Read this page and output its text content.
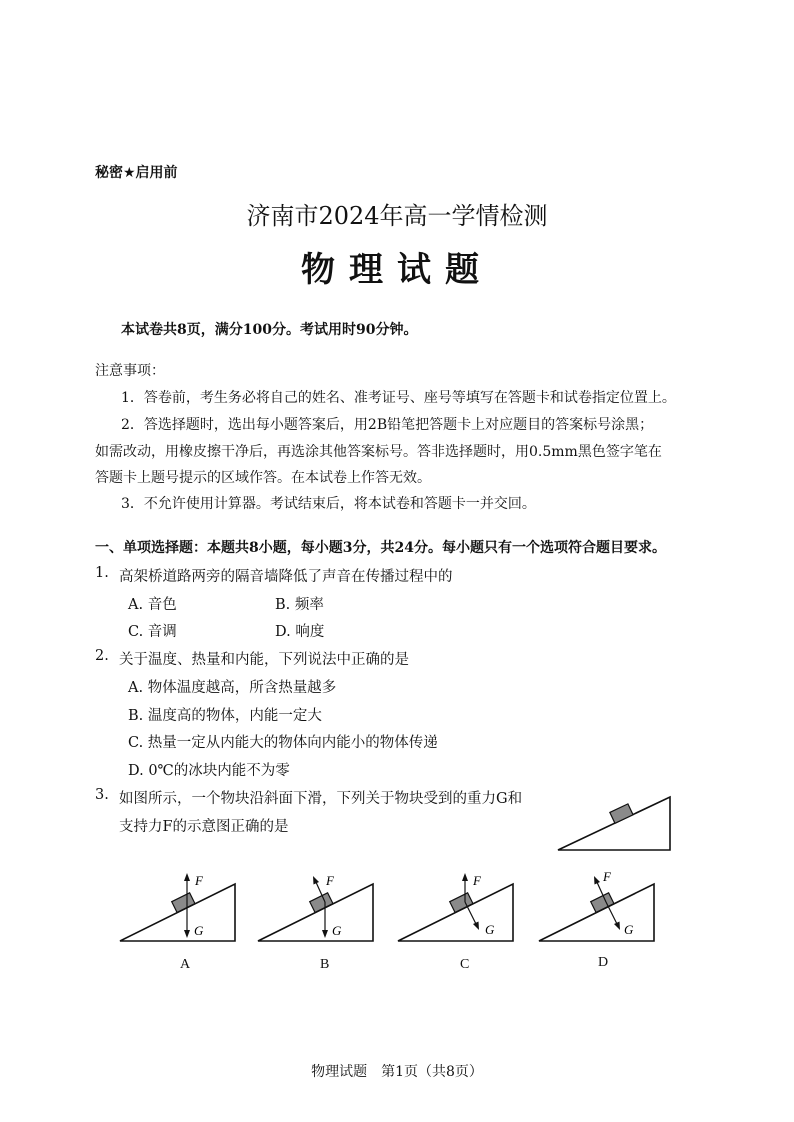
秘密★启用前
济南市2024年高一学情检测
物理试题
本试卷共8页，满分100分。考试用时90分钟。
注意事项：
1．答卷前，考生务必将自己的姓名、准考证号、座号等填写在答题卡和试卷指定位置上。
2．答选择题时，选出每小题答案后，用2B铅笔把答题卡上对应题目的答案标号涂黑；
如需改动，用橡皮擦干净后，再选涂其他答案标号。答非选择题时，用0.5mm黑色签字笔在
答题卡上题号提示的区域作答。在本试卷上作答无效。
3．不允许使用计算器。考试结束后，将本试卷和答题卡一并交回。
一、单项选择题：本题共8小题，每小题3分，共24分。每小题只有一个选项符合题目要求。
1. 高架桥道路两旁的隔音墙降低了声音在传播过程中的
A. 音色	B. 频率
C. 音调	D. 响度
2. 关于温度、热量和内能，下列说法中正确的是
A. 物体温度越高，所含热量越多
B. 温度高的物体，内能一定大
C. 热量一定从内能大的物体向内能小的物体传递
D. 0℃的冰块内能不为零
3. 如图所示，一个物块沿斜面下滑，下列关于物块受到的重力G和
支持力F的示意图正确的是
F
G
F
G
F
G
F
G
A	B	C	D
物理试题　第1页（共8页）
